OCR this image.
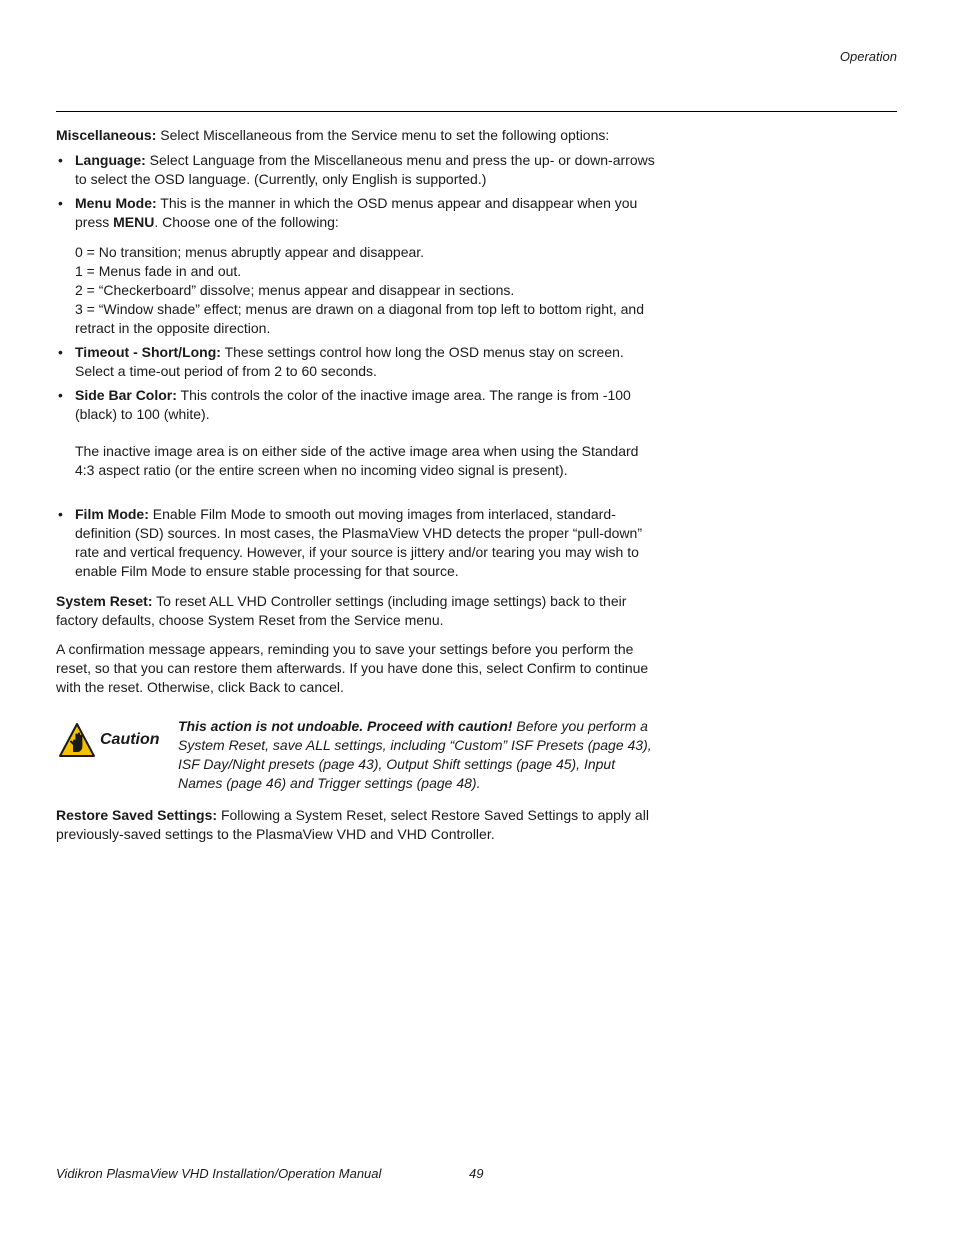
Operation

Miscellaneous: Select Miscellaneous from the Service menu to set the following options:

• Language: Select Language from the Miscellaneous menu and press the up- or down-arrows to select the OSD language. (Currently, only English is supported.)
• Menu Mode: This is the manner in which the OSD menus appear and disappear when you press MENU. Choose one of the following:
0 = No transition; menus abruptly appear and disappear.
1 = Menus fade in and out.
2 = “Checkerboard” dissolve; menus appear and disappear in sections.
3 = “Window shade” effect; menus are drawn on a diagonal from top left to bottom right, and retract in the opposite direction.
• Timeout - Short/Long: These settings control how long the OSD menus stay on screen. Select a time-out period of from 2 to 60 seconds.
• Side Bar Color: This controls the color of the inactive image area. The range is from -100 (black) to 100 (white).
The inactive image area is on either side of the active image area when using the Standard 4:3 aspect ratio (or the entire screen when no incoming video signal is present).
• Film Mode: Enable Film Mode to smooth out moving images from interlaced, standard-definition (SD) sources. In most cases, the PlasmaView VHD detects the proper “pull-down” rate and vertical frequency. However, if your source is jittery and/or tearing you may wish to enable Film Mode to ensure stable processing for that source.

System Reset: To reset ALL VHD Controller settings (including image settings) back to their factory defaults, choose System Reset from the Service menu.

A confirmation message appears, reminding you to save your settings before you perform the reset, so that you can restore them afterwards. If you have done this, select Confirm to continue with the reset. Otherwise, click Back to cancel.

Caution
This action is not undoable. Proceed with caution! Before you perform a System Reset, save ALL settings, including “Custom” ISF Presets (page 43), ISF Day/Night presets (page 43), Output Shift settings (page 45), Input Names (page 46) and Trigger settings (page 48).

Restore Saved Settings: Following a System Reset, select Restore Saved Settings to apply all previously-saved settings to the PlasmaView VHD and VHD Controller.

Vidikron PlasmaView VHD Installation/Operation Manual	49
